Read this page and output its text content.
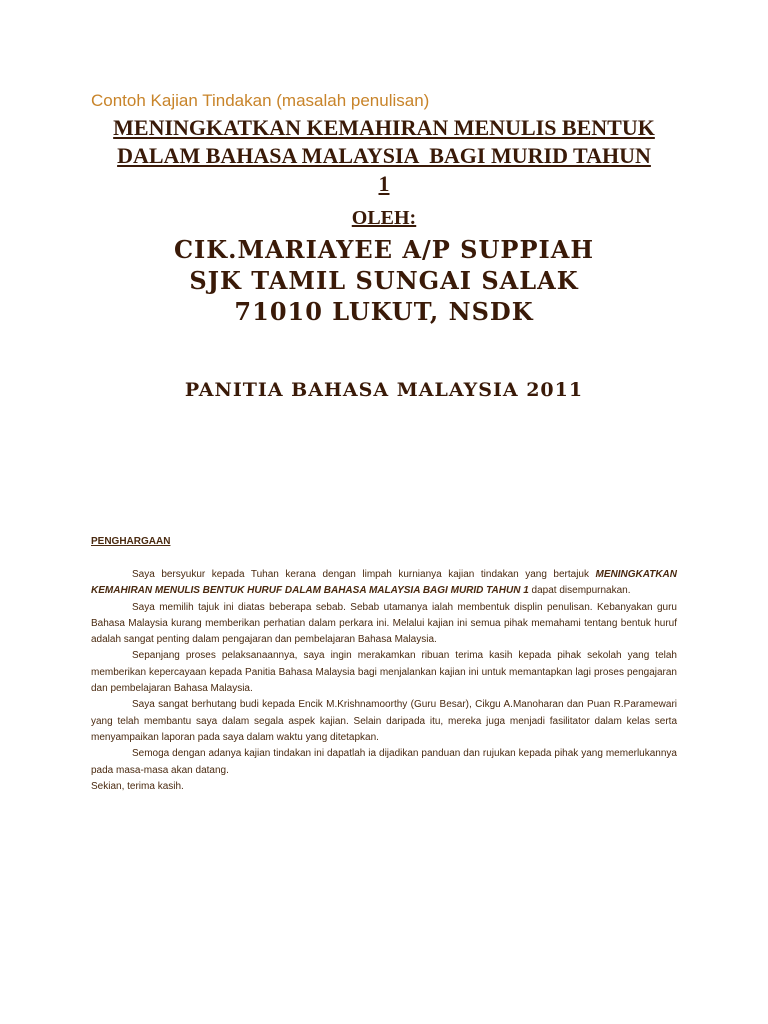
Contoh Kajian Tindakan (masalah penulisan)
MENINGKATKAN KEMAHIRAN MENULIS BENTUK
DALAM BAHASA MALAYSIA  BAGI MURID TAHUN
1
OLEH:
CIK.MARIAYEE A/P SUPPIAH
SJK TAMIL SUNGAI SALAK
71010 LUKUT, NSDK
PANITIA BAHASA MALAYSIA 2011
PENGHARGAAN

Saya bersyukur kepada Tuhan kerana dengan limpah kurnianya kajian tindakan yang bertajuk MENINGKATKAN KEMAHIRAN MENULIS BENTUK HURUF DALAM BAHASA MALAYSIA BAGI MURID TAHUN 1 dapat disempurnakan.

Saya memilih tajuk ini diatas beberapa sebab. Sebab utamanya ialah membentuk displin penulisan. Kebanyakan guru Bahasa Malaysia kurang memberikan perhatian dalam perkara ini. Melalui kajian ini semua pihak memahami tentang bentuk huruf adalah sangat penting dalam pengajaran dan pembelajaran Bahasa Malaysia.

Sepanjang proses pelaksanaannya, saya ingin merakamkan ribuan terima kasih kepada pihak sekolah yang telah memberikan kepercayaan kepada Panitia Bahasa Malaysia bagi menjalankan kajian ini untuk memantapkan lagi proses pengajaran dan pembelajaran Bahasa Malaysia.

Saya sangat berhutang budi kepada Encik M.Krishnamoorthy (Guru Besar), Cikgu A.Manoharan dan Puan R.Paramewari yang telah membantu saya dalam segala aspek kajian. Selain daripada itu, mereka juga menjadi fasilitator dalam kelas serta menyampaikan laporan pada saya dalam waktu yang ditetapkan.

Semoga dengan adanya kajian tindakan ini dapatlah ia dijadikan panduan dan rujukan kepada pihak yang memerlukannya pada masa-masa akan datang.

Sekian, terima kasih.
